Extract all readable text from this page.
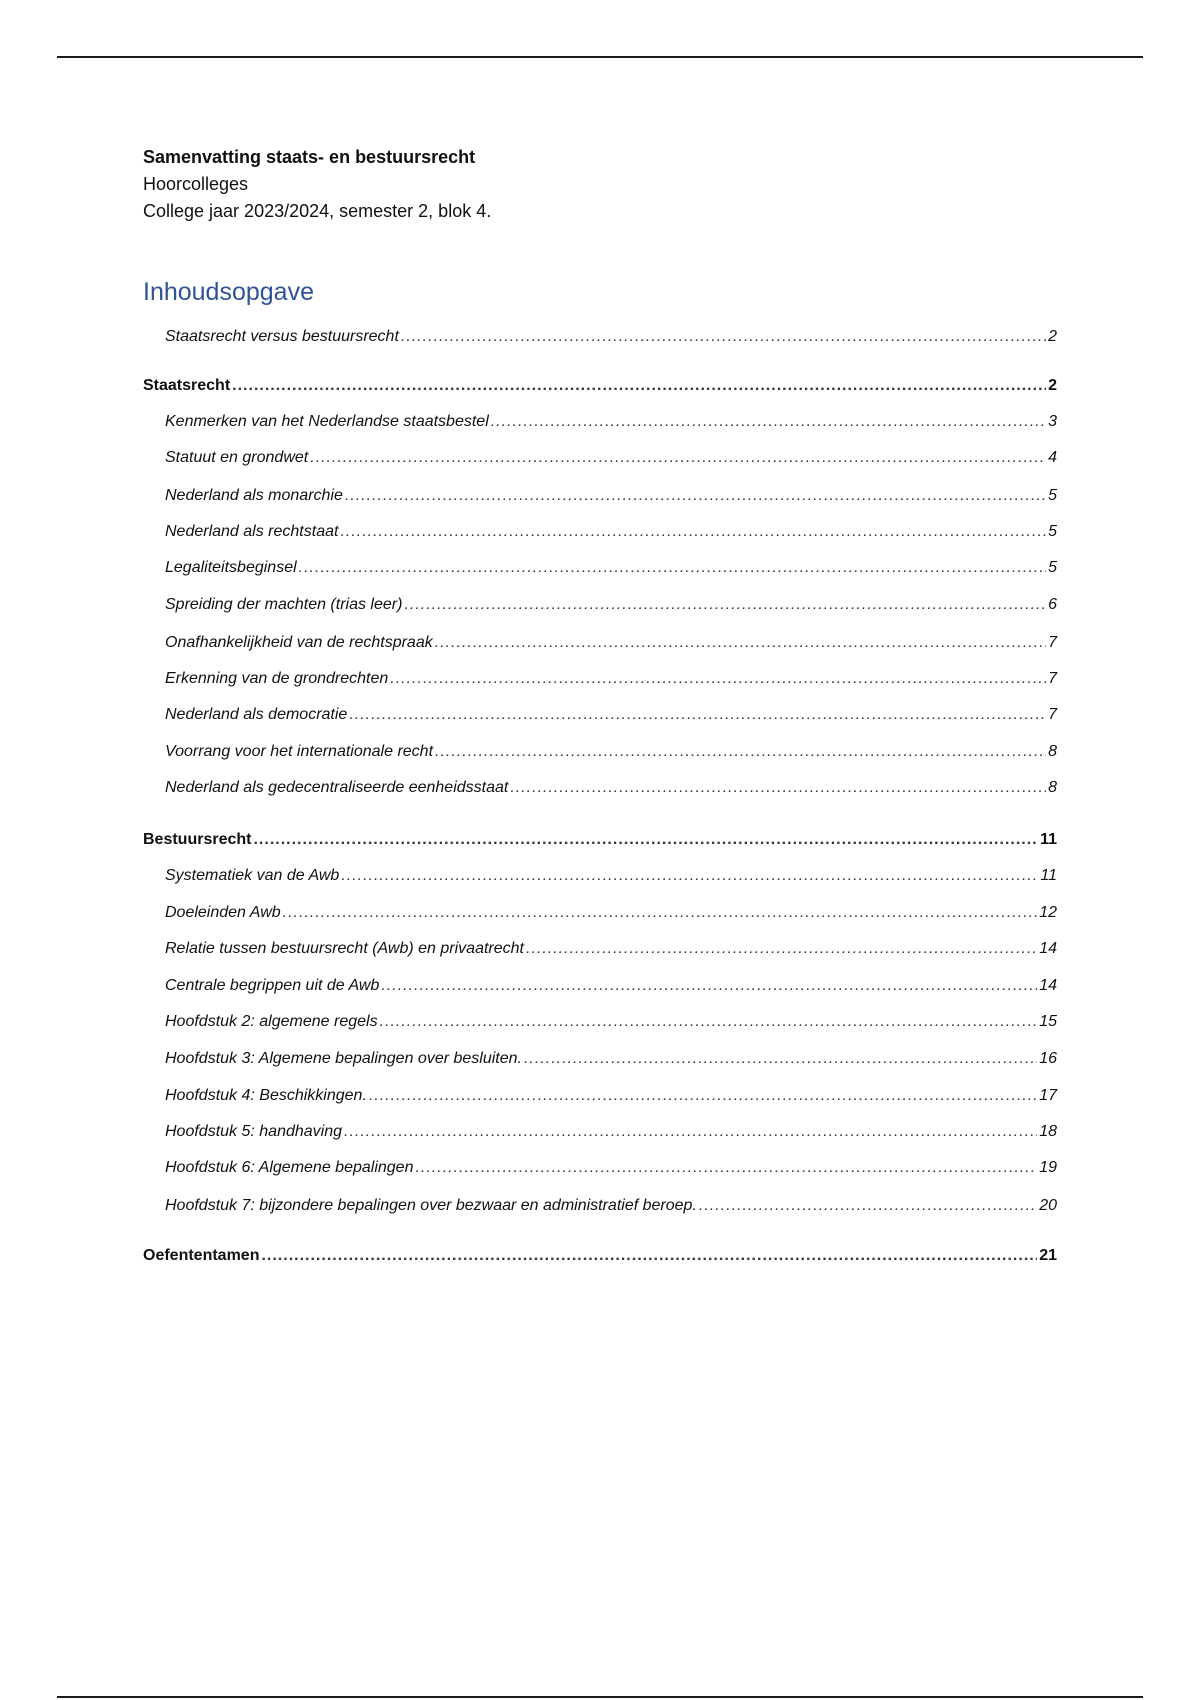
Samenvatting staats- en bestuursrecht
Hoorcolleges
College jaar 2023/2024, semester 2, blok 4.
Inhoudsopgave
Staatsrecht versus bestuursrecht .....	2
Staatsrecht .....	2
Kenmerken van het Nederlandse staatsbestel .....	3
Statuut en grondwet .....	4
Nederland als monarchie .....	5
Nederland als rechtstaat .....	5
Legaliteitsbeginsel .....	5
Spreiding der machten (trias leer) .....	6
Onafhankelijkheid van de rechtspraak .....	7
Erkenning van de grondrechten .....	7
Nederland als democratie .....	7
Voorrang voor het internationale recht .....	8
Nederland als gedecentraliseerde eenheidsstaat .....	8
Bestuursrecht .....	11
Systematiek van de Awb .....	11
Doeleinden Awb .....	12
Relatie tussen bestuursrecht (Awb) en privaatrecht .....	14
Centrale begrippen uit de Awb .....	14
Hoofdstuk 2: algemene regels .....	15
Hoofdstuk 3: Algemene bepalingen over besluiten. .....	16
Hoofdstuk 4: Beschikkingen. .....	17
Hoofdstuk 5: handhaving .....	18
Hoofdstuk 6: Algemene bepalingen .....	19
Hoofdstuk 7: bijzondere bepalingen over bezwaar en administratief beroep. .....	20
Oefententamen .....	21
